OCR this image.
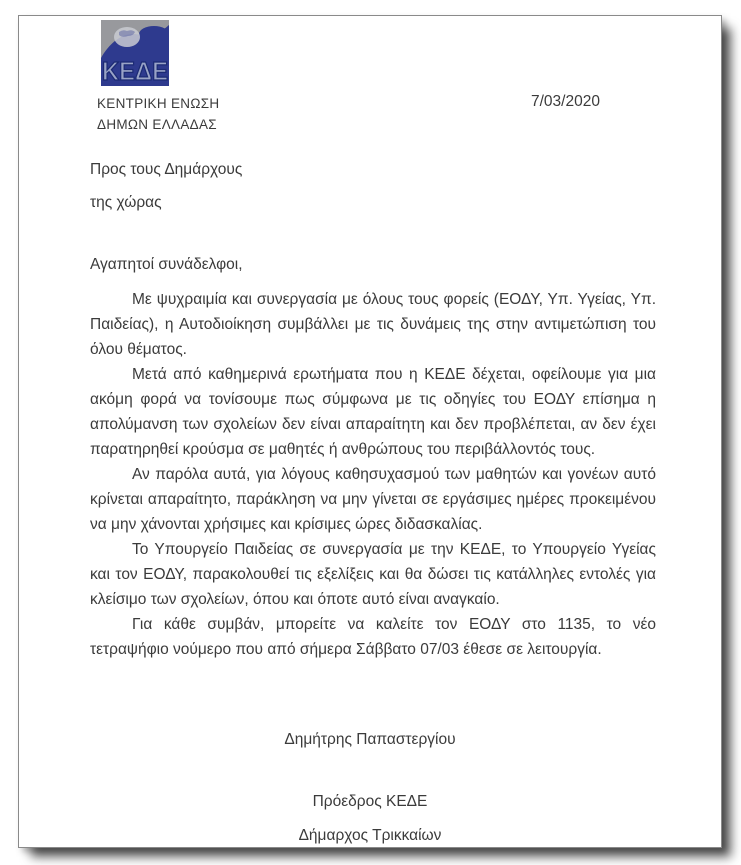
ΚΕΔΕ
ΚΕΝΤΡΙΚΗ ΕΝΩΣΗ
ΔΗΜΩΝ ΕΛΛΑΔΑΣ
7/03/2020
Προς τους Δημάρχους
της χώρας
Αγαπητοί συνάδελφοι,

Με ψυχραιμία και συνεργασία με όλους τους φορείς (ΕΟΔΥ, Υπ. Υγείας, Υπ. Παιδείας), η Αυτοδιοίκηση συμβάλλει με τις δυνάμεις της στην αντιμετώπιση του όλου θέματος.

Μετά από καθημερινά ερωτήματα που η ΚΕΔΕ δέχεται, οφείλουμε για μια ακόμη φορά να τονίσουμε πως σύμφωνα με τις οδηγίες του ΕΟΔΥ επίσημα η απολύμανση των σχολείων δεν είναι απαραίτητη και δεν προβλέπεται, αν δεν έχει παρατηρηθεί κρούσμα σε μαθητές ή ανθρώπους του περιβάλλοντός τους.

Αν παρόλα αυτά, για λόγους καθησυχασμού των μαθητών και γονέων αυτό κρίνεται απαραίτητο, παράκληση να μην γίνεται σε εργάσιμες ημέρες προκειμένου να μην χάνονται χρήσιμες και κρίσιμες ώρες διδασκαλίας.

Το Υπουργείο Παιδείας σε συνεργασία με την ΚΕΔΕ, το Υπουργείο Υγείας και τον ΕΟΔΥ, παρακολουθεί τις εξελίξεις και θα δώσει τις κατάλληλες εντολές για κλείσιμο των σχολείων, όπου και όποτε αυτό είναι αναγκαίο.

Για κάθε συμβάν, μπορείτε να καλείτε τον ΕΟΔΥ στο 1135, το νέο τετραψήφιο νούμερο που από σήμερα Σάββατο 07/03 έθεσε σε λειτουργία.

Δημήτρης Παπαστεργίου
Πρόεδρος ΚΕΔΕ
Δήμαρχος Τρικκαίων
